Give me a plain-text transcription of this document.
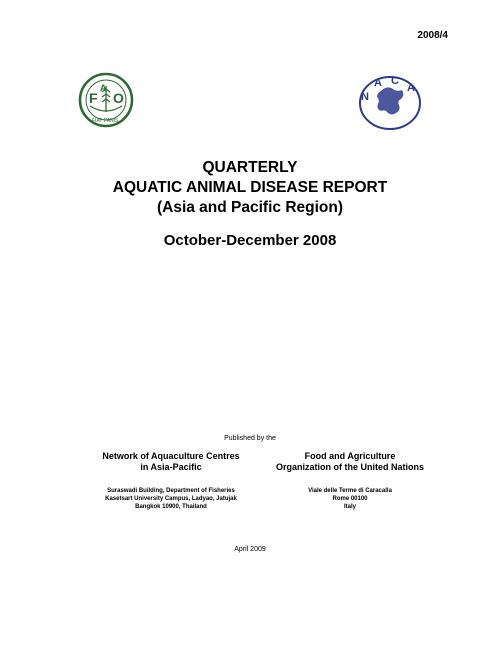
2008/4
F
A
O
FIAT PANIS
N
A C
A
QUARTERLY
AQUATIC ANIMAL DISEASE REPORT
(Asia and Pacific Region)
October-December 2008
Published by the
Network of Aquaculture Centres
in Asia-Pacific
Suraswadi Building, Department of Fisheries
Kasetsart University Campus, Ladyao, Jatujak
Bangkok 10900, Thailand
Food and Agriculture
Organization of the United Nations
Viale delle Terme di Caracalla
Rome 00100
Italy
April 2009
